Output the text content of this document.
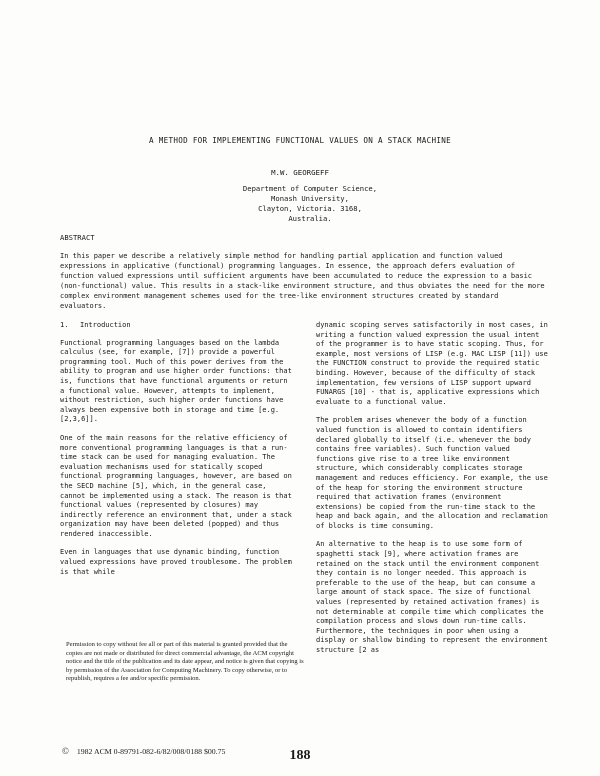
A METHOD FOR IMPLEMENTING FUNCTIONAL VALUES ON A STACK MACHINE
M.W. GEORGEFF
Department of Computer Science,
Monash University,
Clayton, Victoria. 3168,
Australia.
ABSTRACT
In this paper we describe a relatively simple method for handling partial application and function valued expressions in applicative (functional) programming languages. In essence, the approach defers evaluation of function valued expressions until sufficient arguments have been accumulated to reduce the expression to a basic (non-functional) value. This results in a stack-like environment structure, and thus obviates the need for the more complex environment management schemes used for the tree-like environment structures created by standard evaluators.
1. Introduction

Functional programming languages based on the lambda calculus (see, for example, [7]) provide a powerful programming tool. Much of this power derives from the ability to program and use higher order functions: that is, functions that have functional arguments or return a functional value. However, attempts to implement, without restriction, such higher order functions have always been expensive both in storage and time [e.g. [2,3,6]].

One of the main reasons for the relative efficiency of more conventional programming languages is that a run-time stack can be used for managing evaluation. The evaluation mechanisms used for statically scoped functional programming languages, however, are based on the SECD machine [5], which, in the general case, cannot be implemented using a stack. The reason is that functional values (represented by closures) may indirectly reference an environment that, under a stack organization may have been deleted (popped) and thus rendered inaccessible.

Even in languages that use dynamic binding, function valued expressions have proved troublesome. The problem is that while

dynamic scoping serves satisfactorily in most cases, in writing a function valued expression the usual intent of the programmer is to have static scoping. Thus, for example, most versions of LISP (e.g. MAC LISP [11]) use the FUNCTION construct to provide the required static binding. However, because of the difficulty of stack implementation, few versions of LISP support upward FUNARGS [10] - that is, applicative expressions which evaluate to a functional value.

The problem arises whenever the body of a function valued function is allowed to contain identifiers declared globally to itself (i.e. whenever the body contains free variables). Such function valued functions give rise to a tree like environment structure, which considerably complicates storage management and reduces efficiency. For example, the use of the heap for storing the environment structure required that activation frames (environment extensions) be copied from the run-time stack to the heap and back again, and the allocation and reclamation of blocks is time consuming.

An alternative to the heap is to use some form of spaghetti stack [9], where activation frames are retained on the stack until the environment component they contain is no longer needed. This approach is preferable to the use of the heap, but can consume a large amount of stack space. The size of functional values (represented by retained activation frames) is not determinable at compile time which complicates the compilation process and slows down run-time calls. Furthermore, the techniques in poor when using a display or shallow binding to represent the environment structure [2 as

Permission to copy without fee all or part of this material is granted provided that the copies are not made or distributed for direct commercial advantage, the ACM copyright notice and the title of the publication and its date appear, and notice is given that copying is by permission of the Association for Computing Machinery. To copy otherwise, or to republish, requires a fee and/or specific permission.
© 1982 ACM 0-89791-082-6/82/008/0188 $00.75	188
